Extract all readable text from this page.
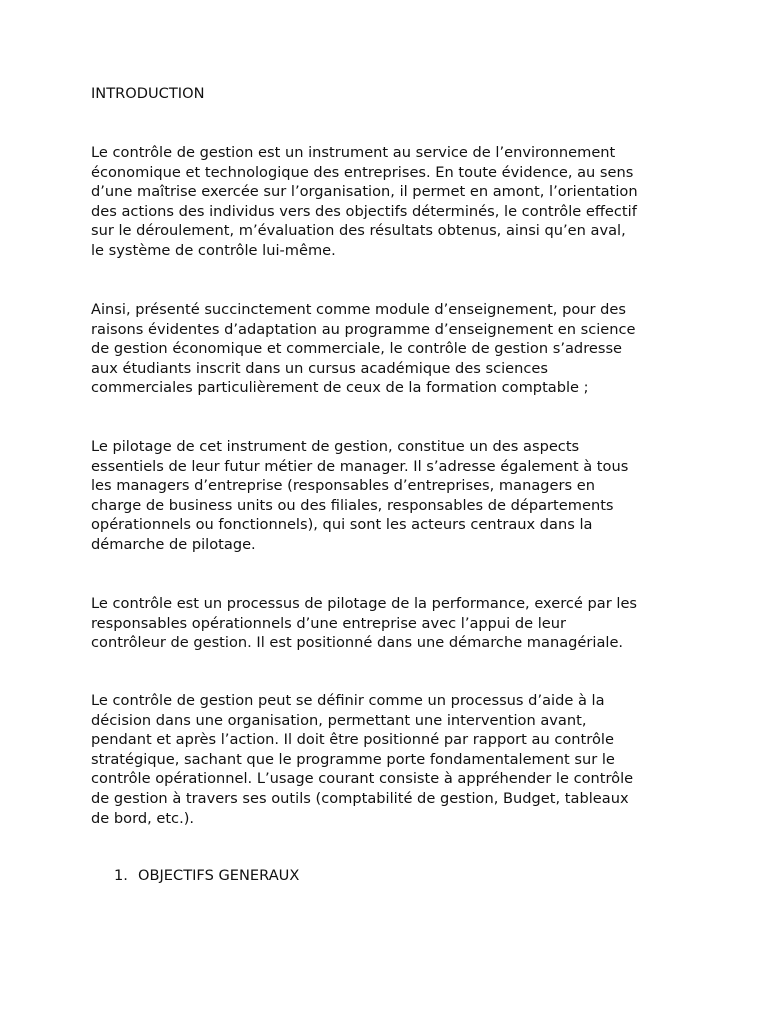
INTRODUCTION

Le contrôle de gestion est un instrument au service de l’environnement
économique et technologique des entreprises. En toute évidence, au sens
d’une maîtrise exercée sur l’organisation, il permet en amont, l’orientation
des actions des individus vers des objectifs déterminés, le contrôle effectif
sur le déroulement, m’évaluation des résultats obtenus, ainsi qu’en aval,
le système de contrôle lui-même.

Ainsi, présenté succinctement comme module d’enseignement, pour des
raisons évidentes d’adaptation au programme d’enseignement en science
de gestion économique et commerciale, le contrôle de gestion s’adresse
aux étudiants inscrit dans un cursus académique des sciences
commerciales particulièrement de ceux de la formation comptable ;

Le pilotage de cet instrument de gestion, constitue un des aspects
essentiels de leur futur métier de manager. Il s’adresse également à tous
les managers d’entreprise (responsables d’entreprises, managers en
charge de business units ou des filiales, responsables de départements
opérationnels ou fonctionnels), qui sont les acteurs centraux dans la
démarche de pilotage.

Le contrôle est un processus de pilotage de la performance, exercé par les
responsables opérationnels d’une entreprise avec l’appui de leur
contrôleur de gestion. Il est positionné dans une démarche managériale.

Le contrôle de gestion peut se définir comme un processus d’aide à la
décision dans une organisation, permettant une intervention avant,
pendant et après l’action. Il doit être positionné par rapport au contrôle
stratégique, sachant que le programme porte fondamentalement sur le
contrôle opérationnel. L’usage courant consiste à appréhender le contrôle
de gestion à travers ses outils (comptabilité de gestion, Budget, tableaux
de bord, etc.).

1. OBJECTIFS GENERAUX
